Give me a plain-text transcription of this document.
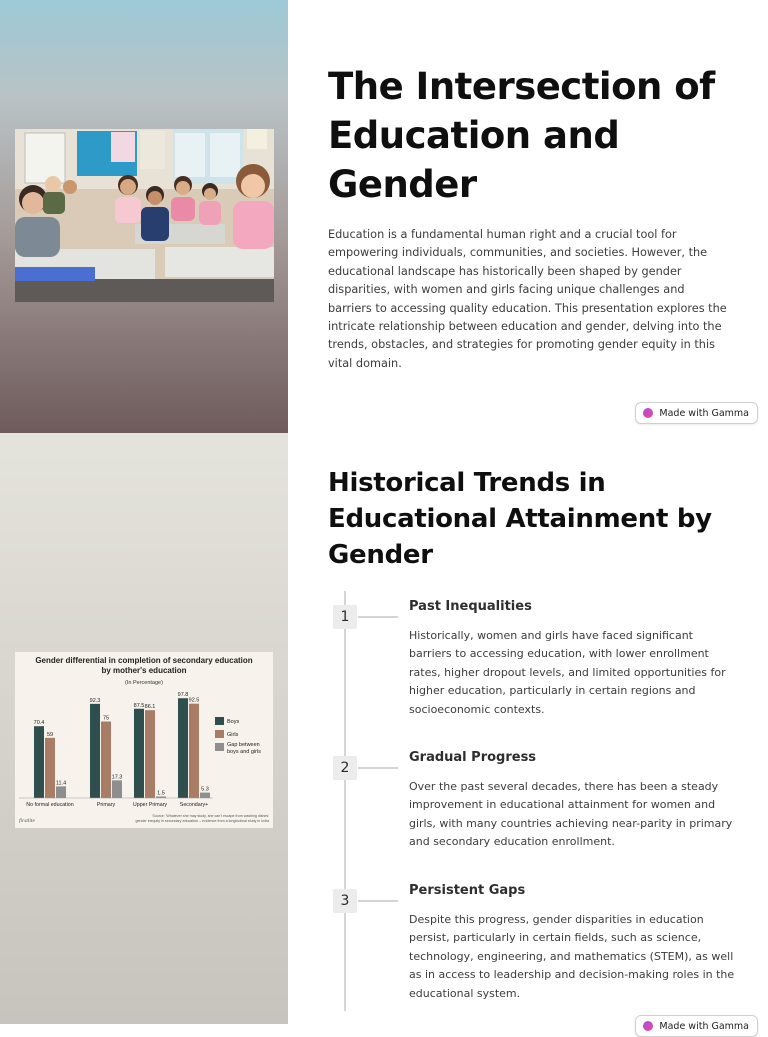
The Intersection of Education and Gender

Education is a fundamental human right and a crucial tool for empowering individuals, communities, and societies. However, the educational landscape has historically been shaped by gender disparities, with women and girls facing unique challenges and barriers to accessing quality education. This presentation explores the intricate relationship between education and gender, delving into the trends, obstacles, and strategies for promoting gender equity in this vital domain.

Made with Gamma
Gender differential in completion of secondary education
by mother's education
(In Percentage)
70.4
59
11.4
No formal education
92.3
75
17.3
Primary
87.5 86.1
1.5
Upper Primary
97.8
92.5
5.3
Secondary+
Boys
Girls
Gap between
boys and girls
firstlite
Source: 'Whatever she may study, she can't escape from washing dishes'
gender inequity in secondary education – evidence from a longitudinal study in India
Historical Trends in Educational Attainment by Gender
1
Past Inequalities

Historically, women and girls have faced significant barriers to accessing education, with lower enrollment rates, higher dropout levels, and limited opportunities for higher education, particularly in certain regions and socioeconomic contexts.

2
Gradual Progress

Over the past several decades, there has been a steady improvement in educational attainment for women and girls, with many countries achieving near-parity in primary and secondary education enrollment.

3
Persistent Gaps

Despite this progress, gender disparities in education persist, particularly in certain fields, such as science, technology, engineering, and mathematics (STEM), as well as in access to leadership and decision-making roles in the educational system.

Made with Gamma
